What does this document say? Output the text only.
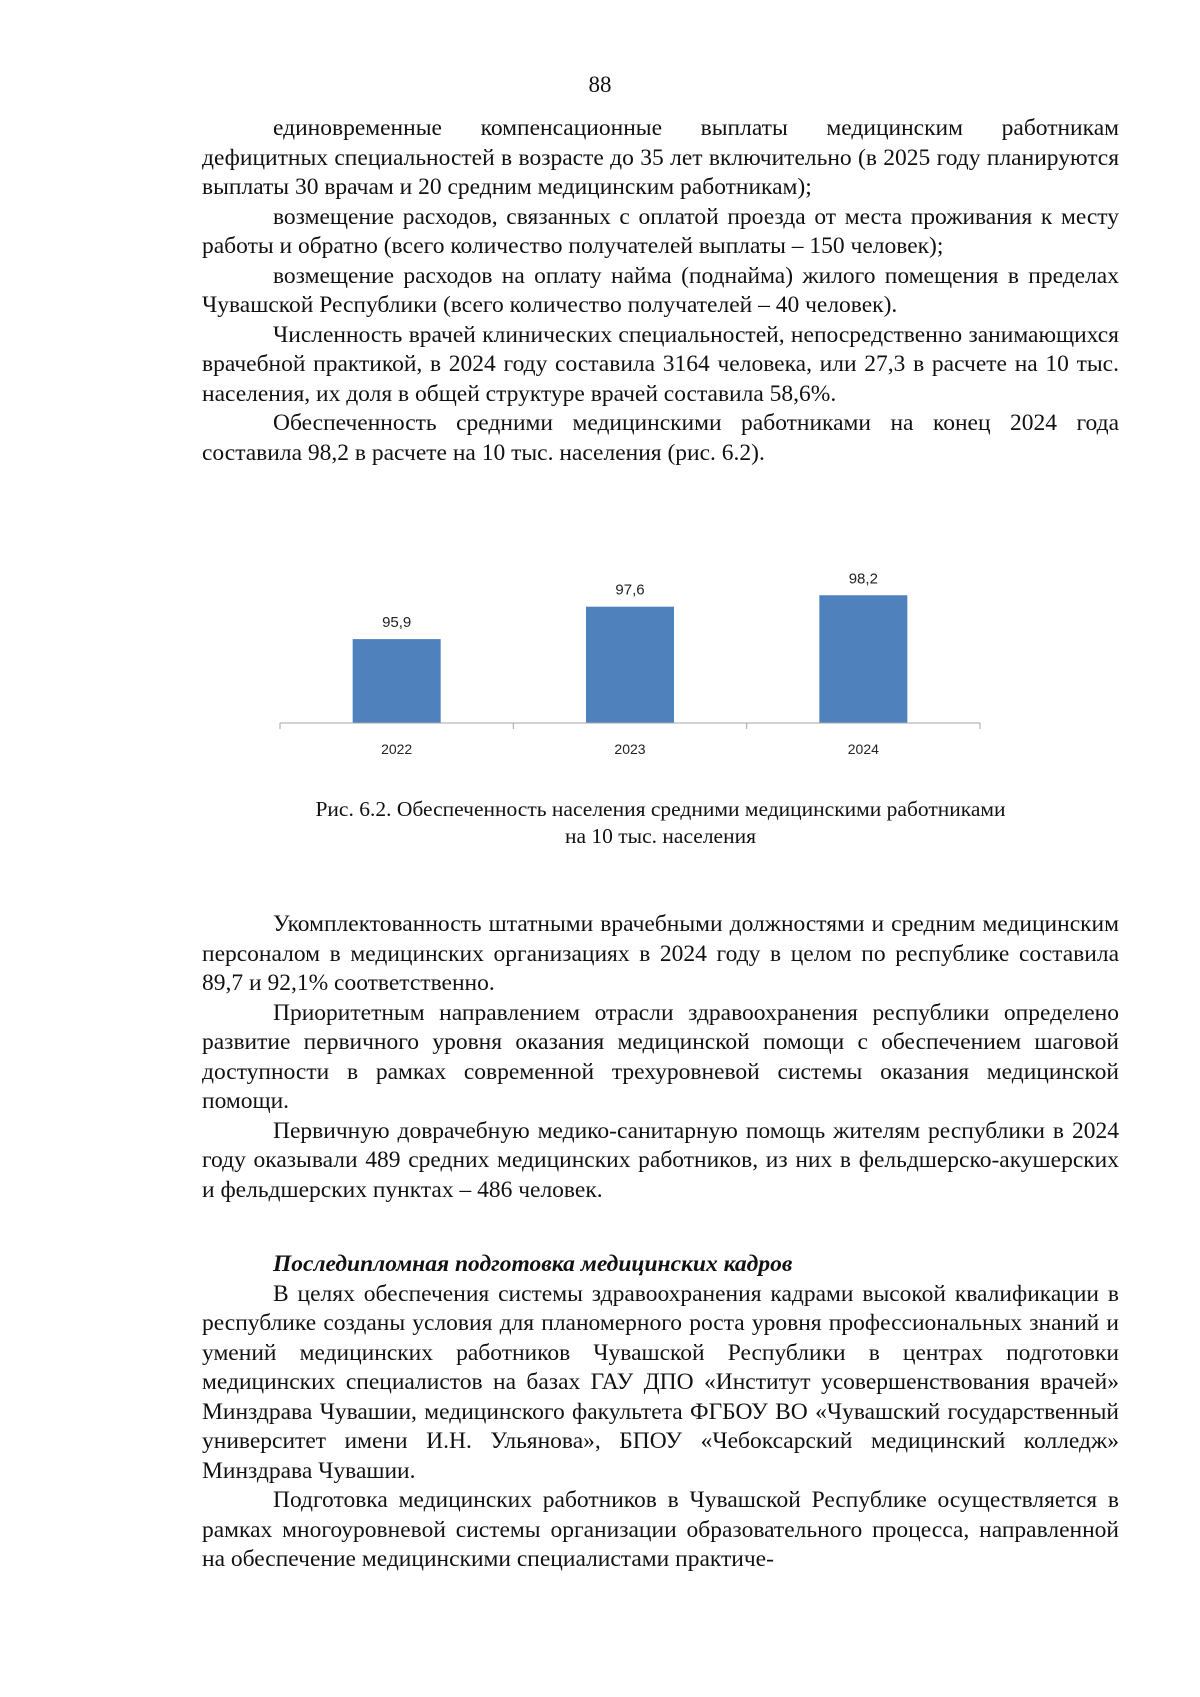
88

единовременные компенсационные выплаты медицинским работникам дефицитных специальностей в возрасте до 35 лет включительно (в 2025 году планируются выплаты 30 врачам и 20 средним медицинским работникам);

возмещение расходов, связанных с оплатой проезда от места проживания к месту работы и обратно (всего количество получателей выплаты – 150 человек);

возмещение расходов на оплату найма (поднайма) жилого помещения в пределах Чувашской Республики (всего количество получателей – 40 человек).

Численность врачей клинических специальностей, непосредственно занимающихся врачебной практикой, в 2024 году составила 3164 человека, или 27,3 в расчете на 10 тыс. населения, их доля в общей структуре врачей составила 58,6%.

Обеспеченность средними медицинскими работниками на конец 2024 года составила 98,2 в расчете на 10 тыс. населения (рис. 6.2).

95,9
2022
97,6
2023
98,2
2024
Рис. 6.2. Обеспеченность населения средними медицинскими работниками
на 10 тыс. населения

Укомплектованность штатными врачебными должностями и средним медицинским персоналом в медицинских организациях в 2024 году в целом по республике составила 89,7 и 92,1% соответственно.

Приоритетным направлением отрасли здравоохранения республики определено развитие первичного уровня оказания медицинской помощи с обеспечением шаговой доступности в рамках современной трехуровневой системы оказания медицинской помощи.

Первичную доврачебную медико-санитарную помощь жителям республики в 2024 году оказывали 489 средних медицинских работников, из них в фельдшерско-акушерских и фельдшерских пунктах – 486 человек.

Последипломная подготовка медицинских кадров

В целях обеспечения системы здравоохранения кадрами высокой квалификации в республике созданы условия для планомерного роста уровня профессиональных знаний и умений медицинских работников Чувашской Республики в центрах подготовки медицинских специалистов на базах ГАУ ДПО «Институт усовершенствования врачей» Минздрава Чувашии, медицинского факультета ФГБОУ ВО «Чувашский государственный университет имени И.Н. Ульянова», БПОУ «Чебоксарский медицинский колледж» Минздрава Чувашии.

Подготовка медицинских работников в Чувашской Республике осуществляется в рамках многоуровневой системы организации образовательного процесса, направленной на обеспечение медицинскими специалистами практиче-
